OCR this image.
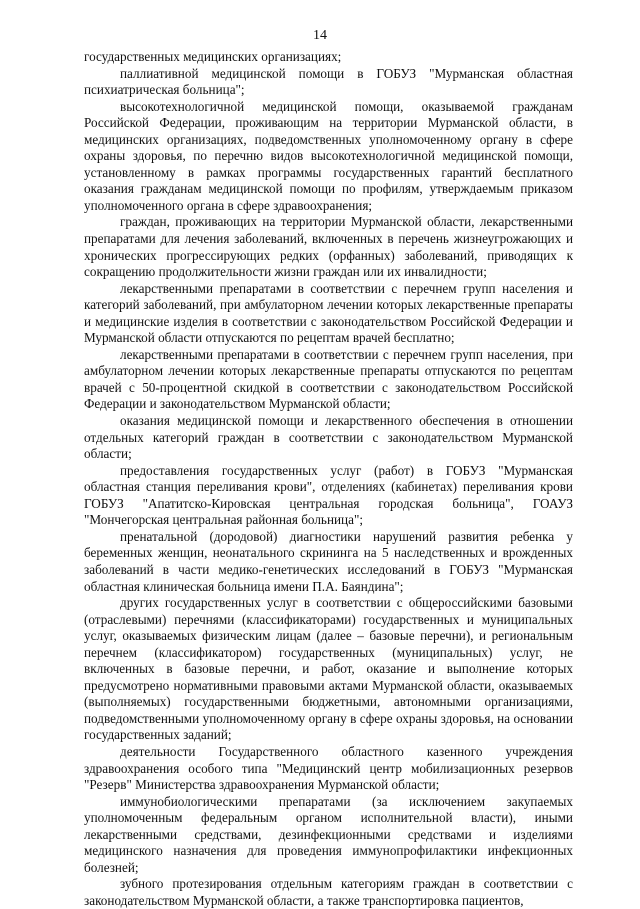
14

государственных медицинских организациях;

паллиативной медицинской помощи в ГОБУЗ "Мурманская областная психиатрическая больница";

высокотехнологичной медицинской помощи, оказываемой гражданам Российской Федерации, проживающим на территории Мурманской области, в медицинских организациях, подведомственных уполномоченному органу в сфере охраны здоровья, по перечню видов высокотехнологичной медицинской помощи, установленному в рамках программы государственных гарантий бесплатного оказания гражданам медицинской помощи по профилям, утверждаемым приказом уполномоченного органа в сфере здравоохранения;

граждан, проживающих на территории Мурманской области, лекарственными препаратами для лечения заболеваний, включенных в перечень жизнеугрожающих и хронических прогрессирующих редких (орфанных) заболеваний, приводящих к сокращению продолжительности жизни граждан или их инвалидности;

лекарственными препаратами в соответствии с перечнем групп населения и категорий заболеваний, при амбулаторном лечении которых лекарственные препараты и медицинские изделия в соответствии с законодательством Российской Федерации и Мурманской области отпускаются по рецептам врачей бесплатно;

лекарственными препаратами в соответствии с перечнем групп населения, при амбулаторном лечении которых лекарственные препараты отпускаются по рецептам врачей с 50-процентной скидкой в соответствии с законодательством Российской Федерации и законодательством Мурманской области;

оказания медицинской помощи и лекарственного обеспечения в отношении отдельных категорий граждан в соответствии с законодательством Мурманской области;

предоставления государственных услуг (работ) в ГОБУЗ "Мурманская областная станция переливания крови", отделениях (кабинетах) переливания крови ГОБУЗ "Апатитско-Кировская центральная городская больница", ГОАУЗ "Мончегорская центральная районная больница";

пренатальной (дородовой) диагностики нарушений развития ребенка у беременных женщин, неонатального скрининга на 5 наследственных и врожденных заболеваний в части медико-генетических исследований в ГОБУЗ "Мурманская областная клиническая больница имени П.А. Баяндина";

других государственных услуг в соответствии с общероссийскими базовыми (отраслевыми) перечнями (классификаторами) государственных и муниципальных услуг, оказываемых физическим лицам (далее – базовые перечни), и региональным перечнем (классификатором) государственных (муниципальных) услуг, не включенных в базовые перечни, и работ, оказание и выполнение которых предусмотрено нормативными правовыми актами Мурманской области, оказываемых (выполняемых) государственными бюджетными, автономными организациями, подведомственными уполномоченному органу в сфере охраны здоровья, на основании государственных заданий;

деятельности Государственного областного казенного учреждения здравоохранения особого типа "Медицинский центр мобилизационных резервов "Резерв" Министерства здравоохранения Мурманской области;

иммунобиологическими препаратами (за исключением закупаемых уполномоченным федеральным органом исполнительной власти), иными лекарственными средствами, дезинфекционными средствами и изделиями медицинского назначения для проведения иммунопрофилактики инфекционных болезней;

зубного протезирования отдельным категориям граждан в соответствии с законодательством Мурманской области, а также транспортировка пациентов,
